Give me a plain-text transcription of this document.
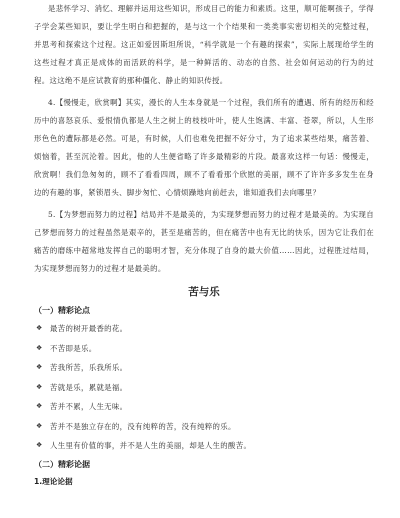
是悲怀学习、消忆、理解并运用这些知识，形成目己的能力和素质。这里，顺可能啊孩子，学得子学会某些知识，要让学生明白和把握的，是与这一个个结果和一类类事实密切相关的完整过程，并思考和探索这个过程。这正如爱因斯坦所说，“科学就是一个有趣的探索”，实际上展现给学生的这些过程才真正是成体的而活跃的科学，是一种鲜活的、动态的自然、社会如何运动的行为的过程。这这绝不是应试教育的那种僵化、静止的知识传授。

4.【慢慢走，欣赏啊】其实，漫长的人生本身就是一个过程，我们所有的遭遇、所有的经历和经历中的喜怒哀乐、爱恨情仇都是人生之树上的枝枝叶叶，使人生饱满、丰富、苍翠，所以，人生形形色色的遭际都是必然。可是，有时候，人们也难免把握不好分寸，为了追求某些结果，痛苦着、烦恼着，甚至沉沦着。因此，他的人生便省略了许多最精彩的片段。最喜欢这样一句话：慢慢走，欣赏啊！我们急匆匆的，顾不了看看四周，顾不了看看那个欣慰的美丽，顾不了许许多多发生在身边的有趣的事，紧锁眉头、脚步匆忙、心情烦躁地向前赶去，谁知道我们去向哪里？

5.【为梦想而努力的过程】结局并不是最美的，为实现梦想而努力的过程才是最美的。为实现自己梦想而努力的过程虽然是艰辛的，甚至是痛苦的，但在痛苦中也有无比的快乐，因为它让我们在痛苦的磨练中超常地发挥自己的聪明才智，充分体现了自身的最大价值……因此，过程胜过结局，为实现梦想而努力的过程才是最美的。

苦与乐
（一）精彩论点
❖ 最苦的树开最香的花。
❖ 不苦即是乐。
❖ 苦我所苦，乐我所乐。
❖ 苦就是乐，累就是福。
❖ 苦并不累，人生无味。
❖ 苦并不是独立存在的，没有纯粹的苦，没有纯粹的乐。
❖ 人生里有价值的事，并不是人生的美丽，却是人生的酸苦。
（二）精彩论据
1.理论论据
